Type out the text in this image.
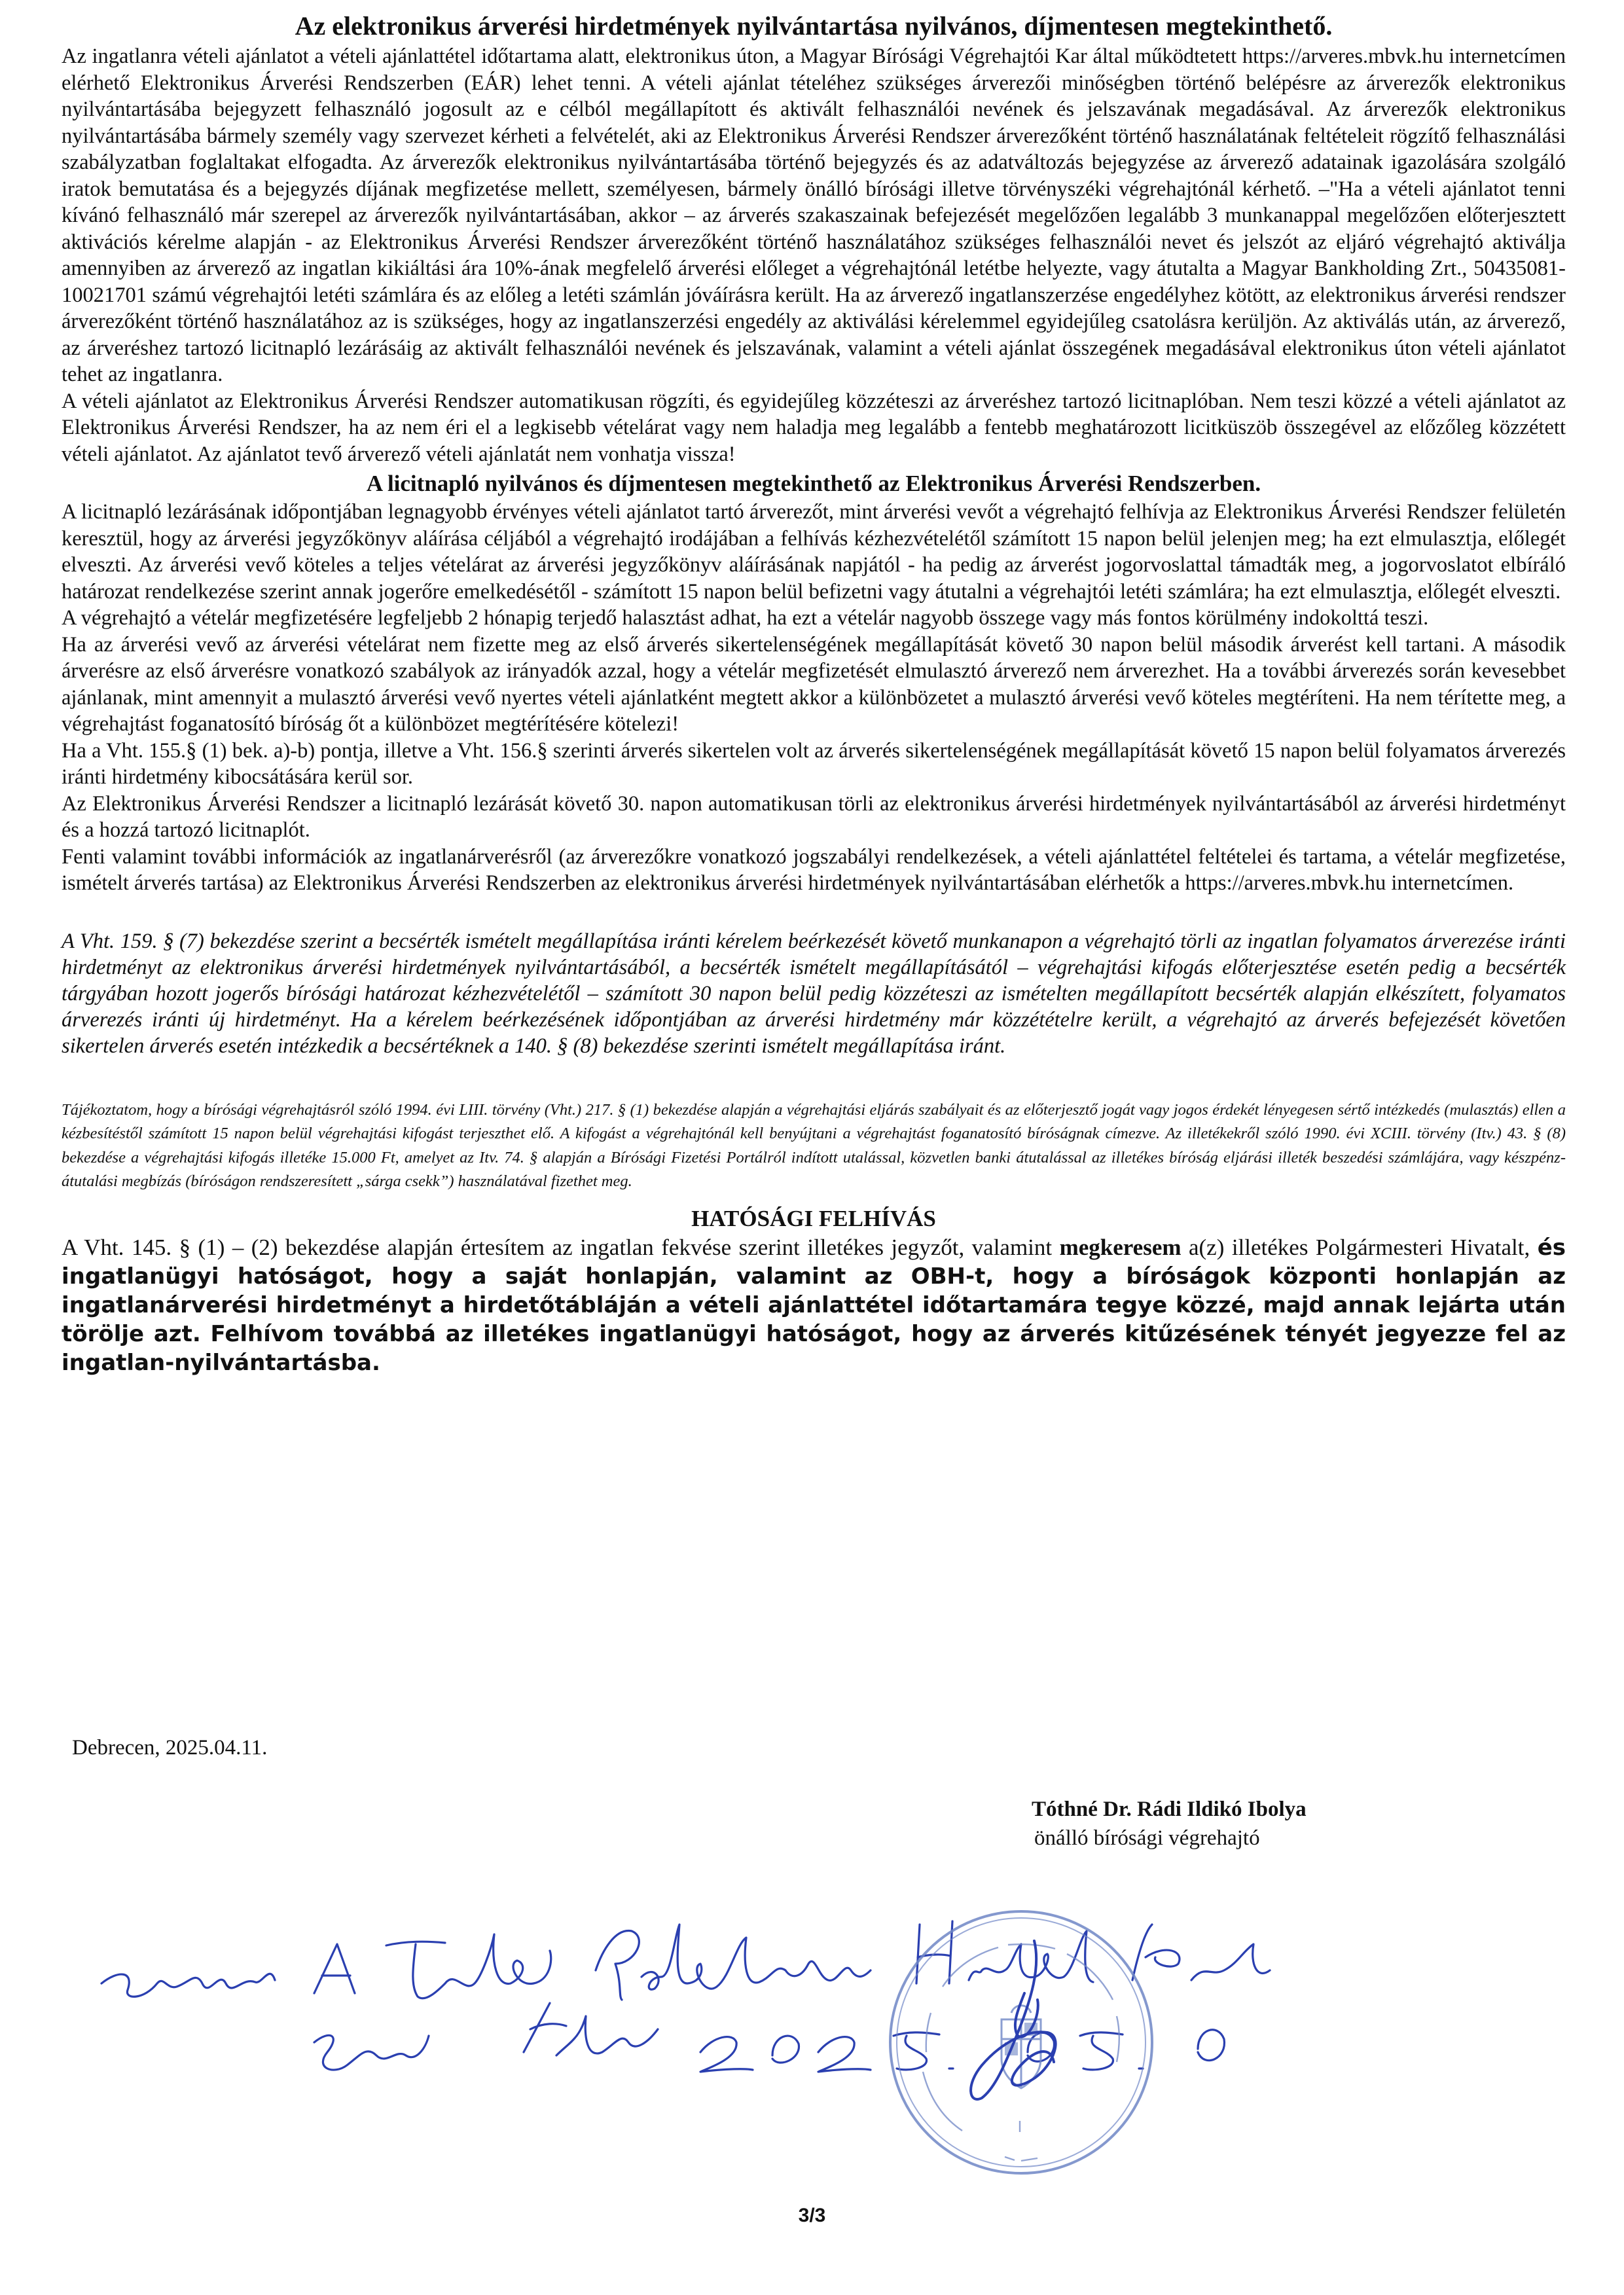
Az elektronikus árverési hirdetmények nyilvántartása nyilvános, díjmentesen megtekinthető.

Az ingatlanra vételi ajánlatot a vételi ajánlattétel időtartama alatt, elektronikus úton, a Magyar Bírósági Végrehajtói Kar által működtetett https://arveres.mbvk.hu internetcímen elérhető Elektronikus Árverési Rendszerben (EÁR) lehet tenni. A vételi ajánlat tételéhez szükséges árverezői minőségben történő belépésre az árverezők elektronikus nyilvántartásába bejegyzett felhasználó jogosult az e célból megállapított és aktivált felhasználói nevének és jelszavának megadásával. Az árverezők elektronikus nyilvántartásába bármely személy vagy szervezet kérheti a felvételét, aki az Elektronikus Árverési Rendszer árverezőként történő használatának feltételeit rögzítő felhasználási szabályzatban foglaltakat elfogadta. Az árverezők elektronikus nyilvántartásába történő bejegyzés és az adatváltozás bejegyzése az árverező adatainak igazolására szolgáló iratok bemutatása és a bejegyzés díjának megfizetése mellett, személyesen, bármely önálló bírósági illetve törvényszéki végrehajtónál kérhető. –"Ha a vételi ajánlatot tenni kívánó felhasználó már szerepel az árverezők nyilvántartásában, akkor – az árverés szakaszainak befejezését megelőzően legalább 3 munkanappal megelőzően előterjesztett aktivációs kérelme alapján - az Elektronikus Árverési Rendszer árverezőként történő használatához szükséges felhasználói nevet és jelszót az eljáró végrehajtó aktiválja amennyiben az árverező az ingatlan kikiáltási ára 10%-ának megfelelő árverési előleget a végrehajtónál letétbe helyezte, vagy átutalta a Magyar Bankholding Zrt., 50435081-10021701 számú végrehajtói letéti számlára és az előleg a letéti számlán jóváírásra került. Ha az árverező ingatlanszerzése engedélyhez kötött, az elektronikus árverési rendszer árverezőként történő használatához az is szükséges, hogy az ingatlanszerzési engedély az aktiválási kérelemmel egyidejűleg csatolásra kerüljön. Az aktiválás után, az árverező, az árveréshez tartozó licitnapló lezárásáig az aktivált felhasználói nevének és jelszavának, valamint a vételi ajánlat összegének megadásával elektronikus úton vételi ajánlatot tehet az ingatlanra.

A vételi ajánlatot az Elektronikus Árverési Rendszer automatikusan rögzíti, és egyidejűleg közzéteszi az árveréshez tartozó licitnaplóban. Nem teszi közzé a vételi ajánlatot az Elektronikus Árverési Rendszer, ha az nem éri el a legkisebb vételárat vagy nem haladja meg legalább a fentebb meghatározott licitküszöb összegével az előzőleg közzétett vételi ajánlatot. Az ajánlatot tevő árverező vételi ajánlatát nem vonhatja vissza!

A licitnapló nyilvános és díjmentesen megtekinthető az Elektronikus Árverési Rendszerben.

A licitnapló lezárásának időpontjában legnagyobb érvényes vételi ajánlatot tartó árverezőt, mint árverési vevőt a végrehajtó felhívja az Elektronikus Árverési Rendszer felületén keresztül, hogy az árverési jegyzőkönyv aláírása céljából a végrehajtó irodájában a felhívás kézhezvételétől számított 15 napon belül jelenjen meg; ha ezt elmulasztja, előlegét elveszti. Az árverési vevő köteles a teljes vételárat az árverési jegyzőkönyv aláírásának napjától - ha pedig az árverést jogorvoslattal támadták meg, a jogorvoslatot elbíráló határozat rendelkezése szerint annak jogerőre emelkedésétől - számított 15 napon belül befizetni vagy átutalni a végrehajtói letéti számlára; ha ezt elmulasztja, előlegét elveszti.

A végrehajtó a vételár megfizetésére legfeljebb 2 hónapig terjedő halasztást adhat, ha ezt a vételár nagyobb összege vagy más fontos körülmény indokolttá teszi.

Ha az árverési vevő az árverési vételárat nem fizette meg az első árverés sikertelenségének megállapítását követő 30 napon belül második árverést kell tartani. A második árverésre az első árverésre vonatkozó szabályok az irányadók azzal, hogy a vételár megfizetését elmulasztó árverező nem árverezhet. Ha a további árverezés során kevesebbet ajánlanak, mint amennyit a mulasztó árverési vevő nyertes vételi ajánlatként megtett akkor a különbözetet a mulasztó árverési vevő köteles megtéríteni. Ha nem térítette meg, a végrehajtást foganatosító bíróság őt a különbözet megtérítésére kötelezi!

Ha a Vht. 155.§ (1) bek. a)-b) pontja, illetve a Vht. 156.§ szerinti árverés sikertelen volt az árverés sikertelenségének megállapítását követő 15 napon belül folyamatos árverezés iránti hirdetmény kibocsátására kerül sor.

Az Elektronikus Árverési Rendszer a licitnapló lezárását követő 30. napon automatikusan törli az elektronikus árverési hirdetmények nyilvántartásából az árverési hirdetményt és a hozzá tartozó licitnaplót.

Fenti valamint további információk az ingatlanárverésről (az árverezőkre vonatkozó jogszabályi rendelkezések, a vételi ajánlattétel feltételei és tartama, a vételár megfizetése, ismételt árverés tartása) az Elektronikus Árverési Rendszerben az elektronikus árverési hirdetmények nyilvántartásában elérhetők a https://arveres.mbvk.hu internetcímen.

A Vht. 159. § (7) bekezdése szerint a becsérték ismételt megállapítása iránti kérelem beérkezését követő munkanapon a végrehajtó törli az ingatlan folyamatos árverezése iránti hirdetményt az elektronikus árverési hirdetmények nyilvántartásából, a becsérték ismételt megállapításától – végrehajtási kifogás előterjesztése esetén pedig a becsérték tárgyában hozott jogerős bírósági határozat kézhezvételétől – számított 30 napon belül pedig közzéteszi az ismételten megállapított becsérték alapján elkészített, folyamatos árverezés iránti új hirdetményt. Ha a kérelem beérkezésének időpontjában az árverési hirdetmény már közzétételre került, a végrehajtó az árverés befejezését követően sikertelen árverés esetén intézkedik a becsértéknek a 140. § (8) bekezdése szerinti ismételt megállapítása iránt.

Tájékoztatom, hogy a bírósági végrehajtásról szóló 1994. évi LIII. törvény (Vht.) 217. § (1) bekezdése alapján a végrehajtási eljárás szabályait és az előterjesztő jogát vagy jogos érdekét lényegesen sértő intézkedés (mulasztás) ellen a kézbesítéstől számított 15 napon belül végrehajtási kifogást terjeszthet elő. A kifogást a végrehajtónál kell benyújtani a végrehajtást foganatosító bíróságnak címezve. Az illetékekről szóló 1990. évi XCIII. törvény (Itv.) 43. § (8) bekezdése a végrehajtási kifogás illetéke 15.000 Ft, amelyet az Itv. 74. § alapján a Bírósági Fizetési Portálról indított utalással, közvetlen banki átutalással az illetékes bíróság eljárási illeték beszedési számlájára, vagy készpénz-átutalási megbízás (bíróságon rendszeresített „sárga csekk”) használatával fizethet meg.

HATÓSÁGI FELHÍVÁS

A Vht. 145. § (1) – (2) bekezdése alapján értesítem az ingatlan fekvése szerint illetékes jegyzőt, valamint megkeresem a(z) illetékes Polgármesteri Hivatalt, és ingatlanügyi hatóságot, hogy a saját honlapján, valamint az OBH-t, hogy a bíróságok központi honlapján az ingatlanárverési hirdetményt a hirdetőtábláján a vételi ajánlattétel időtartamára tegye közzé, majd annak lejárta után törölje azt. Felhívom továbbá az illetékes ingatlanügyi hatóságot, hogy az árverés kitűzésének tényét jegyezze fel az ingatlan-nyilvántartásba.

Debrecen, 2025.04.11.
Tóthné Dr. Rádi Ildikó Ibolya
önálló bírósági végrehajtó
3/3
